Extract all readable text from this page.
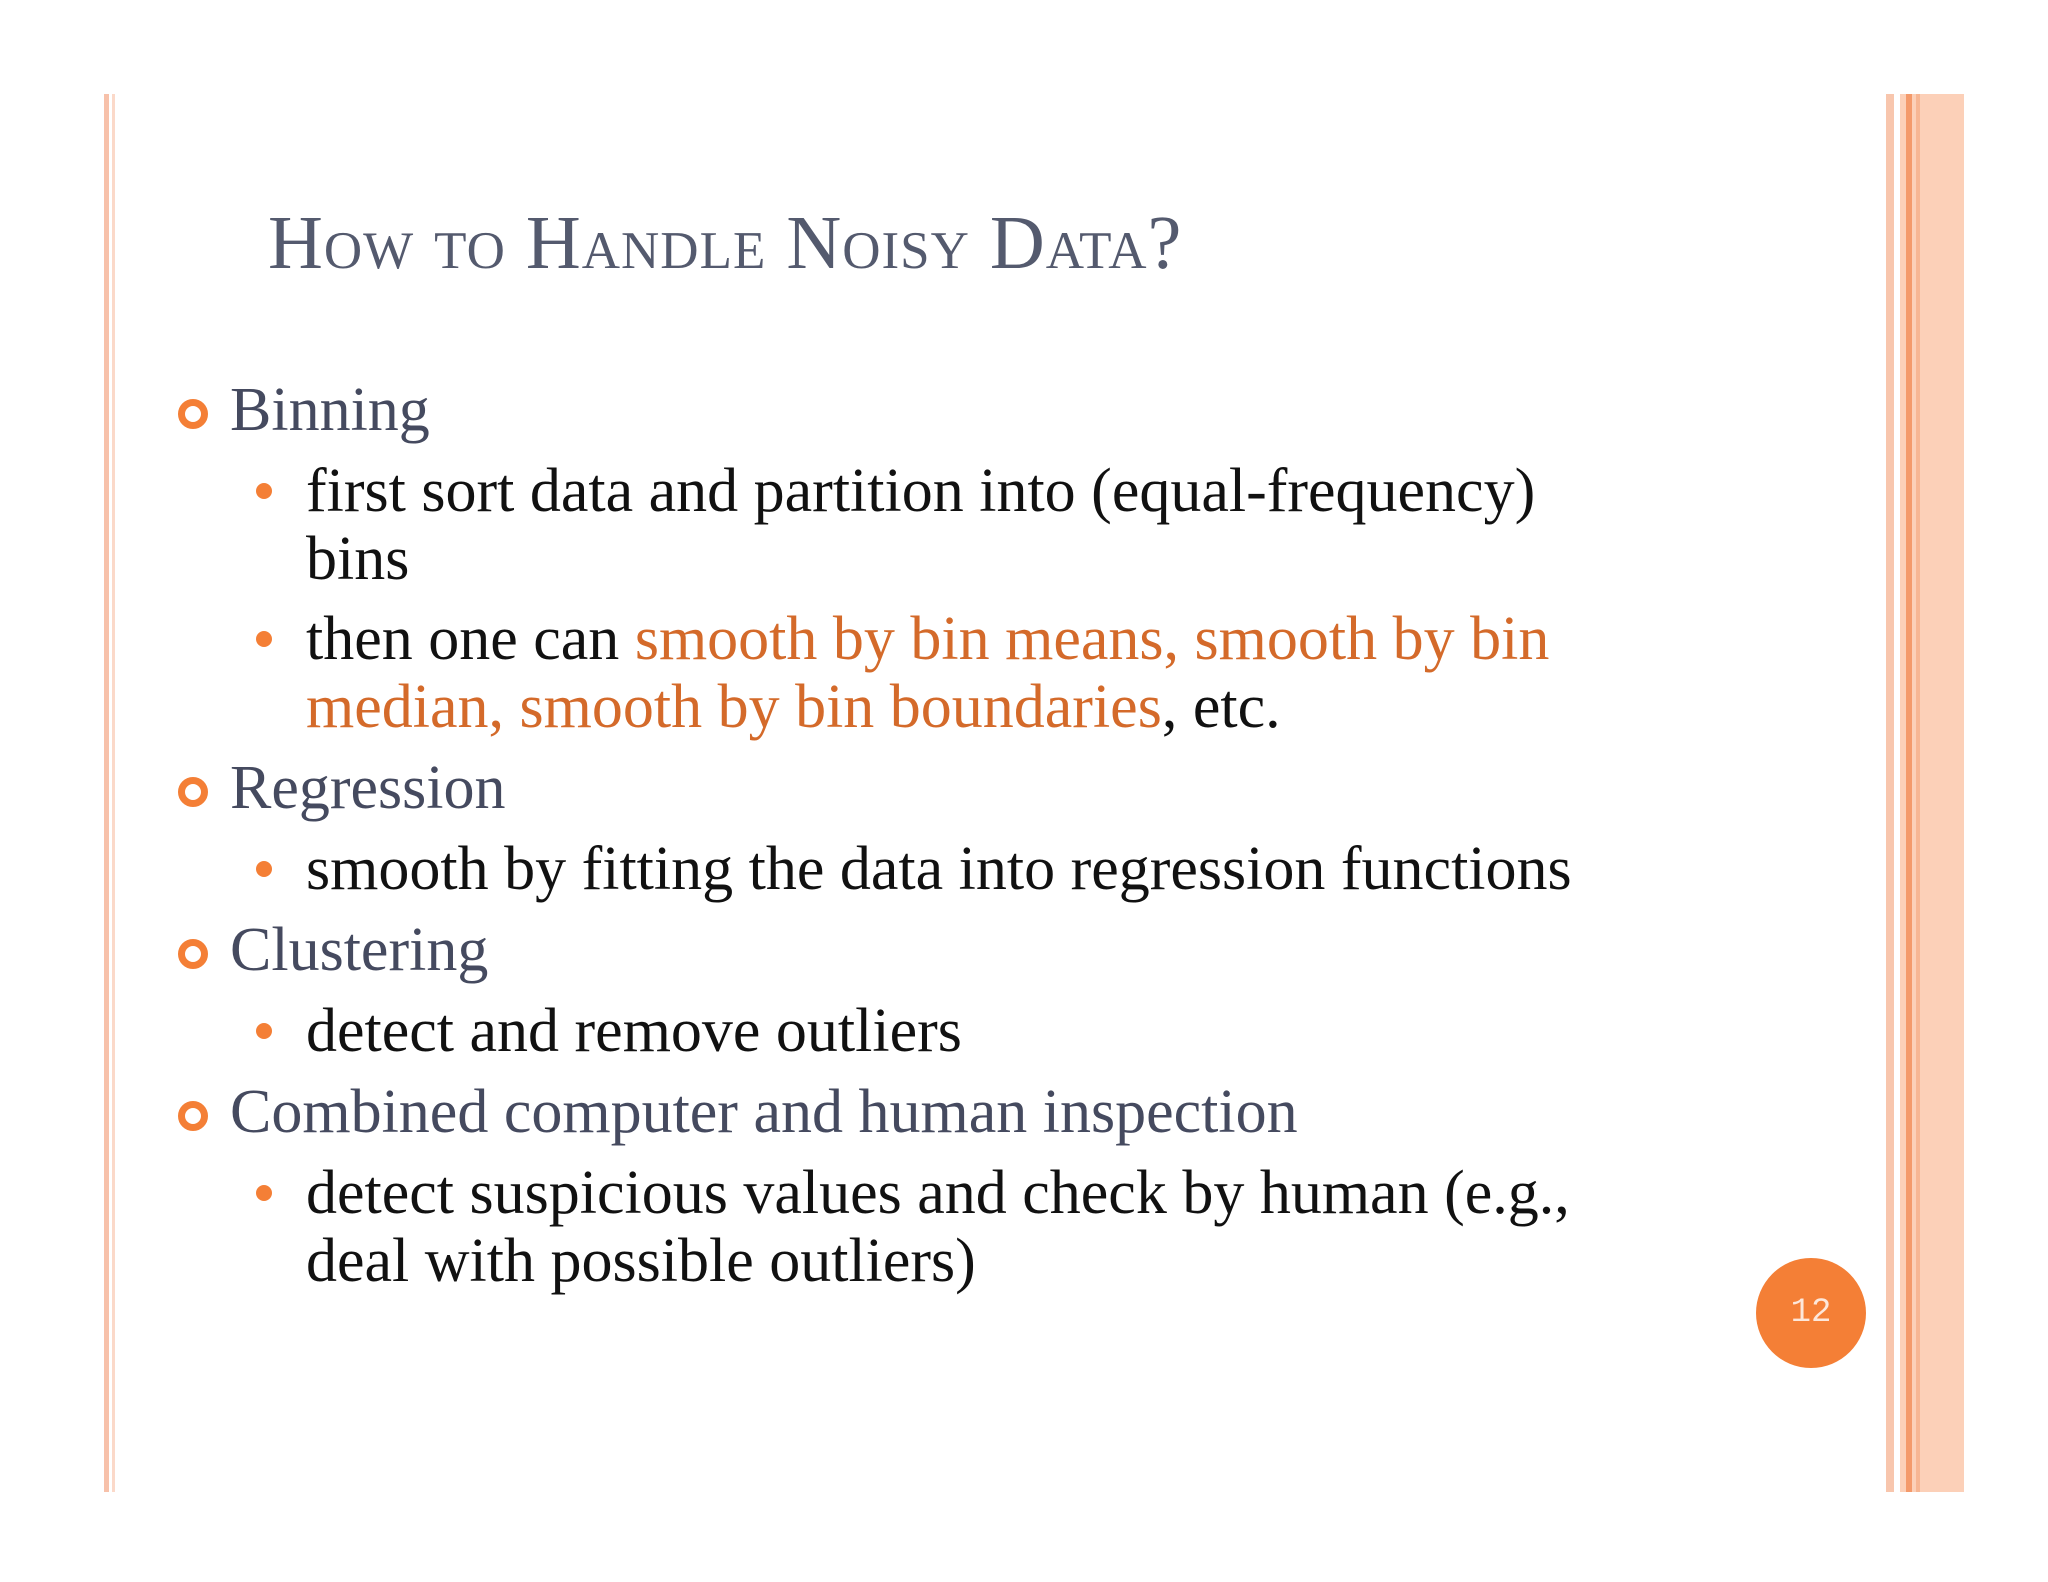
How to Handle Noisy Data?
Binning
first sort data and partition into (equal-frequency)
bins
then one can smooth by bin means, smooth by bin
median, smooth by bin boundaries, etc.
Regression
smooth by fitting the data into regression functions
Clustering
detect and remove outliers
Combined computer and human inspection
detect suspicious values and check by human (e.g.,
deal with possible outliers)
12
